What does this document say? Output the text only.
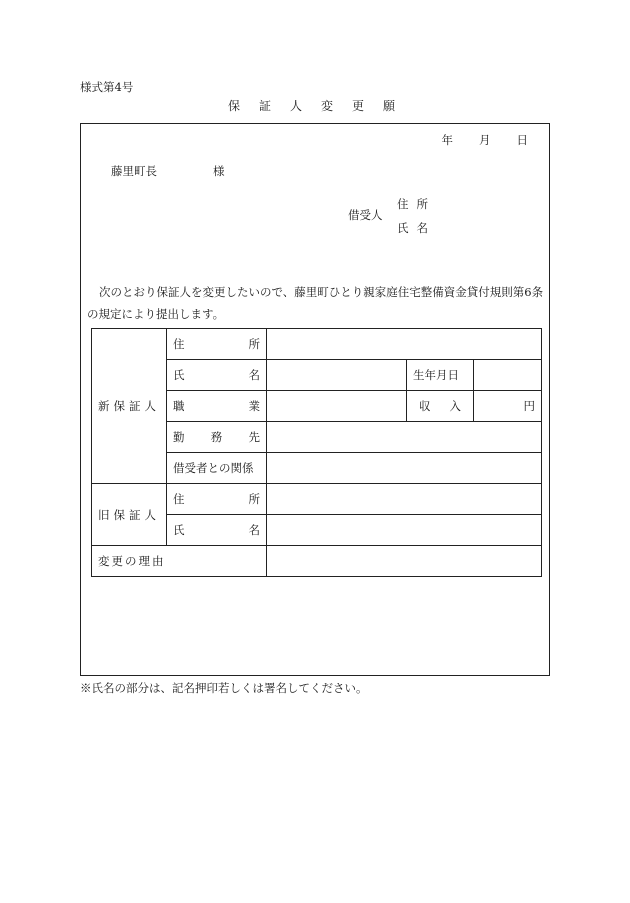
様式第4号
保証人変更願
年 月 日
藤里町長	様
借受人
住所
氏名
次のとおり保証人を変更したいので、藤里町ひとり親家庭住宅整備資金貸付規則第6条の規定により提出します。
新保証人	住 所			

	氏 名		生年月日	

	職 業		収 入	円

	勤 務 先			

	借受者との関係			
旧保証人	住 所			

	氏 名			

変更の理由				
※氏名の部分は、記名押印若しくは署名してください。
